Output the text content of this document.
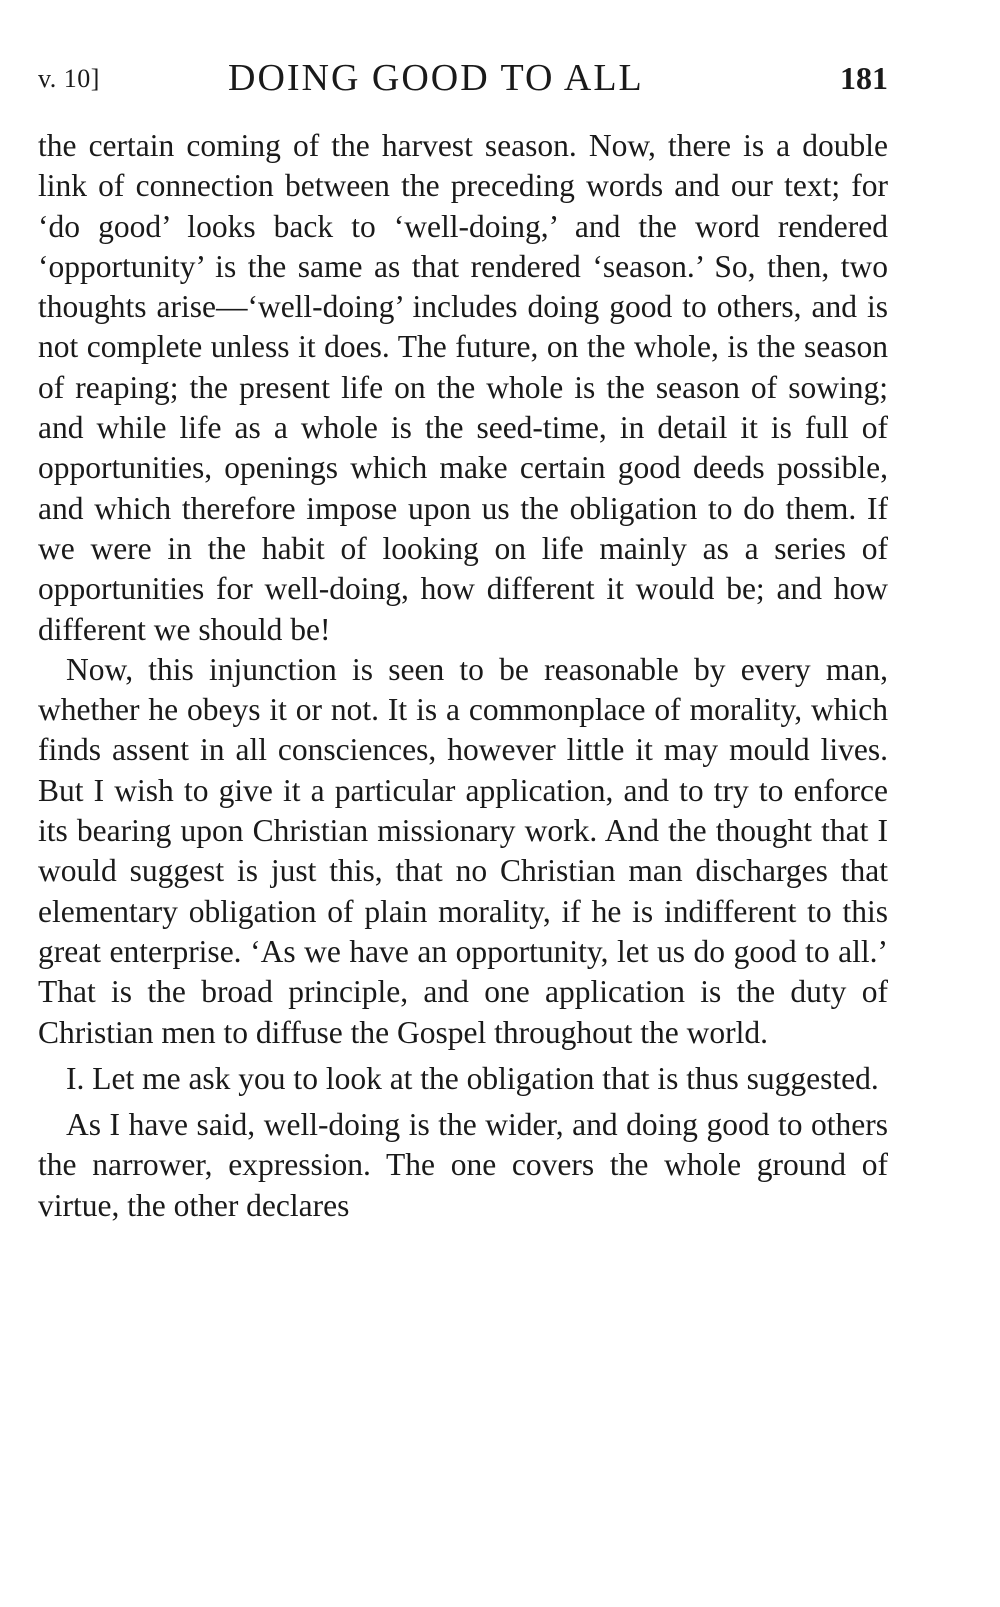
v. 10]	DOING GOOD TO ALL	181

the certain coming of the harvest season. Now, there is a double link of connection between the preceding words and our text; for ‘do good’ looks back to ‘well-doing,’ and the word rendered ‘opportunity’ is the same as that rendered ‘season.’ So, then, two thoughts arise—‘well-doing’ includes doing good to others, and is not complete unless it does. The future, on the whole, is the season of reaping; the present life on the whole is the season of sowing; and while life as a whole is the seed-time, in detail it is full of opportunities, openings which make certain good deeds possible, and which therefore impose upon us the obligation to do them. If we were in the habit of looking on life mainly as a series of opportunities for well-doing, how different it would be; and how different we should be!

Now, this injunction is seen to be reasonable by every man, whether he obeys it or not. It is a commonplace of morality, which finds assent in all consciences, however little it may mould lives. But I wish to give it a particular application, and to try to enforce its bearing upon Christian missionary work. And the thought that I would suggest is just this, that no Christian man discharges that elementary obligation of plain morality, if he is indifferent to this great enterprise. ‘As we have an opportunity, let us do good to all.’ That is the broad principle, and one application is the duty of Christian men to diffuse the Gospel throughout the world.

I. Let me ask you to look at the obligation that is thus suggested.

As I have said, well-doing is the wider, and doing good to others the narrower, expression. The one covers the whole ground of virtue, the other declares
